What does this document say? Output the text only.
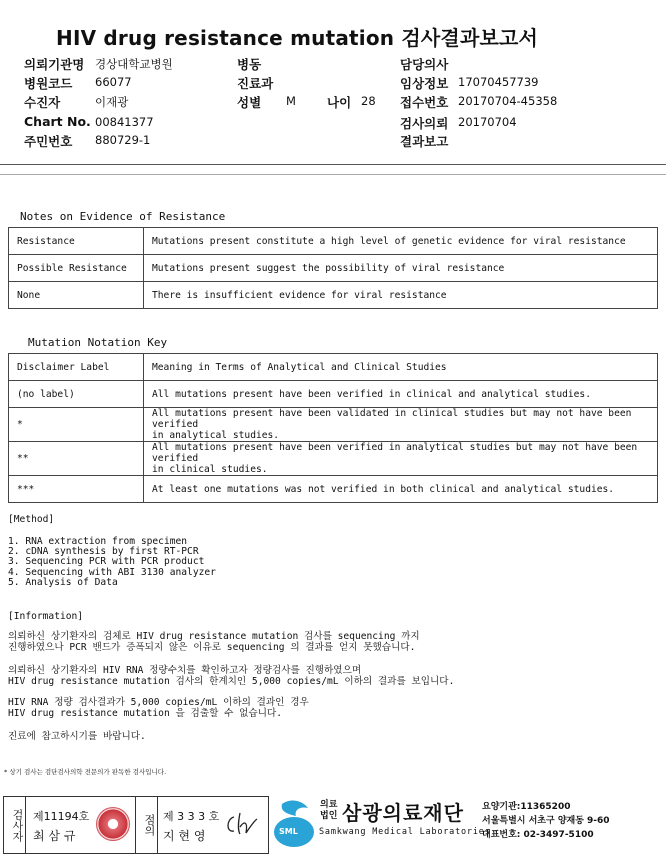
HIV drug resistance mutation 검사결과보고서
의뢰기관명 경상대학교병원
병원코드 66077
수진자	이재광
Chart No. 00841377
주민번호 880729-1
병동
진료과
성별 M 나이 28
담당의사
임상정보 17070457739
접수번호 20170704-45358
검사의뢰 20170704
결과보고
Notes on Evidence of Resistance
Resistance	Mutations present constitute a high level of genetic evidence for viral resistance
Possible Resistance	Mutations present suggest the possibility of viral resistance
None	There is insufficient evidence for viral resistance
Mutation Notation Key
Disclaimer Label	Meaning in Terms of Analytical and Clinical Studies
(no label)	All mutations present have been verified in clinical and analytical studies.

*	All mutations present have been validated in clinical studies but may not have been verified
in analytical studies.

**	All mutations present have been verified in analytical studies but may not have been verified
in clinical studies.

***	At least one mutations was not verified in both clinical and analytical studies.
[Method]
1. RNA extraction from specimen
2. cDNA synthesis by first RT-PCR
3. Sequencing PCR with PCR product
4. Sequencing with ABI 3130 analyzer
5. Analysis of Data
[Information]
의뢰하신 상기환자의 검체로 HIV drug resistance mutation 검사를 sequencing 까지
진행하였으나 PCR 밴드가 증폭되지 않은 이유로 sequencing 의 결과를 얻지 못했습니다.
의뢰하신 상기환자의 HIV RNA 정량수치를 확인하고자 정량검사를 진행하였으며
HIV drug resistance mutation 검사의 한계치인 5,000 copies/mL 이하의 결과를 보입니다.
HIV RNA 정량 검사결과가 5,000 copies/mL 이하의 결과인 경우
HIV drug resistance mutation 을 검출할 수 없습니다.
진료에 참고하시기를 바랍니다.
* 상기 검사는 검단검사의학 전문의가 판독한 검사입니다.
검사자 제11194호
최 삼 규	점의 제 3 3 3 호
지 현 영	SML
의료
법인 삼광의료재단
Samkwang Medical Laboratories
요양기관:11365200
서울특별시 서초구 양재동 9-60
대표번호: 02-3497-5100
